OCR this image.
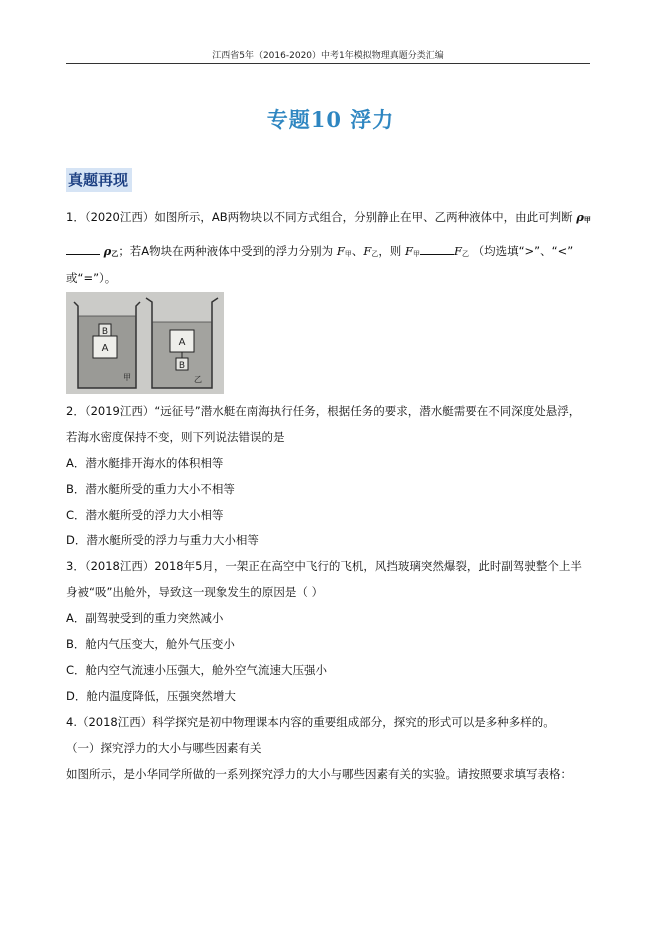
江西省5年（2016-2020）中考1年模拟物理真题分类汇编
专题10 浮力
真题再现
1．（2020江西）如图所示，AB两物块以不同方式组合，分别静止在甲、乙两种液体中，由此可判断 ρ甲
ρ乙；若A物块在两种液体中受到的浮力分别为 F甲、F乙，则 F甲	F乙 （均选填“>”、“<”
或“=”）。
B
A
甲
A
B
乙
2．（2019江西）“远征号”潜水艇在南海执行任务，根据任务的要求，潜水艇需要在不同深度处悬浮，
若海水密度保持不变，则下列说法错误的是
A．潜水艇排开海水的体积相等
B．潜水艇所受的重力大小不相等
C．潜水艇所受的浮力大小相等
D．潜水艇所受的浮力与重力大小相等
3．（2018江西）2018年5月，一架正在高空中飞行的飞机，风挡玻璃突然爆裂，此时副驾驶整个上半
身被“吸”出舱外，导致这一现象发生的原因是（ ）
A．副驾驶受到的重力突然减小
B．舱内气压变大，舱外气压变小
C．舱内空气流速小压强大，舱外空气流速大压强小
D．舱内温度降低，压强突然增大
4.（2018江西）科学探究是初中物理课本内容的重要组成部分，探究的形式可以是多种多样的。
（一）探究浮力的大小与哪些因素有关
如图所示，是小华同学所做的一系列探究浮力的大小与哪些因素有关的实验。请按照要求填写表格：
